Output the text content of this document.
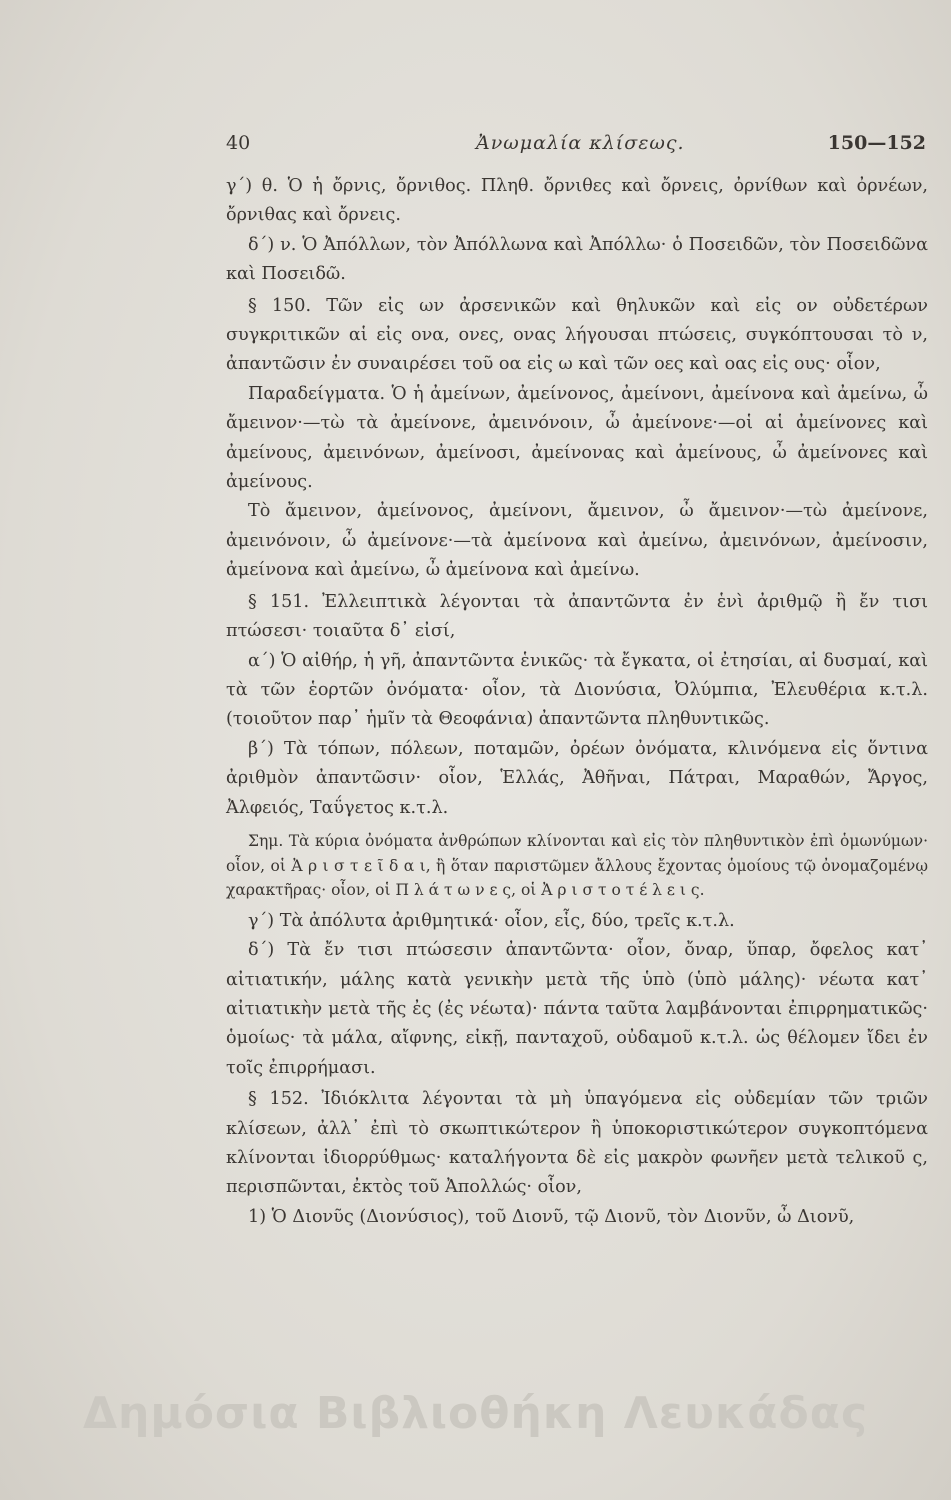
40	Ἀνωμαλία κλίσεως.	150—152

γ΄) θ. Ὁ ἡ ὄρνις, ὄρνιθος. Πληθ. ὄρνιθες καὶ ὄρνεις, ὀρνίθων καὶ ὀρνέων, ὄρνιθας καὶ ὄρνεις.

δ΄) ν. Ὁ Ἀπόλλων, τὸν Ἀπόλλωνα καὶ Ἀπόλλω· ὁ Ποσειδῶν, τὸν Ποσειδῶνα καὶ Ποσειδῶ.

§ 150. Τῶν εἰς ων ἀρσενικῶν καὶ θηλυκῶν καὶ εἰς ον οὐδετέρων συγκριτικῶν αἱ εἰς ονα, ονες, ονας λήγουσαι πτώσεις, συγκόπτουσαι τὸ ν, ἀπαντῶσιν ἐν συναιρέσει τοῦ οα εἰς ω καὶ τῶν οες καὶ οας εἰς ους· οἷον,

Παραδείγματα. Ὁ ἡ ἀμείνων, ἀμείνονος, ἀμείνονι, ἀμείνονα καὶ ἀμείνω, ὦ ἄμεινον·—τὼ τὰ ἀμείνονε, ἀμεινόνοιν, ὦ ἀμείνονε·—οἱ αἱ ἀμείνονες καὶ ἀμείνους, ἀμεινόνων, ἀμείνοσι, ἀμείνονας καὶ ἀμείνους, ὦ ἀμείνονες καὶ ἀμείνους.

Τὸ ἄμεινον, ἀμείνονος, ἀμείνονι, ἄμεινον, ὦ ἄμεινον·—τὼ ἀμείνονε, ἀμεινόνοιν, ὦ ἀμείνονε·—τὰ ἀμείνονα καὶ ἀμείνω, ἀμεινόνων, ἀμείνοσιν, ἀμείνονα καὶ ἀμείνω, ὦ ἀμείνονα καὶ ἀμείνω.

§ 151. Ἐλλειπτικὰ λέγονται τὰ ἀπαντῶντα ἐν ἑνὶ ἀριθμῷ ἢ ἔν τισι πτώσεσι· τοιαῦτα δ᾽ εἰσί,

α΄) Ὁ αἰθήρ, ἡ γῆ, ἀπαντῶντα ἑνικῶς· τὰ ἔγκατα, οἱ ἐτησίαι, αἱ δυσμαί, καὶ τὰ τῶν ἑορτῶν ὀνόματα· οἷον, τὰ Διονύσια, Ὀλύμπια, Ἐλευθέρια κ.τ.λ. (τοιοῦτον παρ᾽ ἡμῖν τὰ Θεοφάνια) ἀπαντῶντα πληθυντικῶς.

β΄) Τὰ τόπων, πόλεων, ποταμῶν, ὀρέων ὀνόματα, κλινόμενα εἰς ὅντινα ἀριθμὸν ἀπαντῶσιν· οἷον, Ἑλλάς, Ἀθῆναι, Πάτραι, Μαραθών, Ἄργος, Ἀλφειός, Ταΰγετος κ.τ.λ.

Σημ. Τὰ κύρια ὀνόματα ἀνθρώπων κλίνονται καὶ εἰς τὸν πληθυντικὸν ἐπὶ ὁμωνύμων· οἷον, οἱ Ἀ ρ ι σ τ ε ῖ δ α ι, ἢ ὅταν παριστῶμεν ἄλλους ἔχοντας ὁμοίους τῷ ὀνομαζομένῳ χαρακτῆρας· οἷον, οἱ Π λ ά τ ω ν ε ς, οἱ Ἀ ρ ι σ τ ο τ έ λ ε ι ς.

γ΄) Τὰ ἀπόλυτα ἀριθμητικά· οἷον, εἷς, δύο, τρεῖς κ.τ.λ.

δ΄) Τὰ ἔν τισι πτώσεσιν ἀπαντῶντα· οἷον, ὄναρ, ὕπαρ, ὄφελος κατ᾽ αἰτιατικήν, μάλης κατὰ γενικὴν μετὰ τῆς ὑπὸ (ὑπὸ μάλης)· νέωτα κατ᾽ αἰτιατικὴν μετὰ τῆς ἐς (ἐς νέωτα)· πάντα ταῦτα λαμβάνονται ἐπιρρηματικῶς· ὁμοίως· τὰ μάλα, αἴφνης, εἰκῇ, πανταχοῦ, οὐδαμοῦ κ.τ.λ. ὡς θέλομεν ἴδει ἐν τοῖς ἐπιρρήμασι.

§ 152. Ἰδιόκλιτα λέγονται τὰ μὴ ὑπαγόμενα εἰς οὐδεμίαν τῶν τριῶν κλίσεων, ἀλλ᾽ ἐπὶ τὸ σκωπτικώτερον ἢ ὑποκοριστικώτερον συγκοπτόμενα κλίνονται ἰδιορρύθμως· καταλήγοντα δὲ εἰς μακρὸν φωνῆεν μετὰ τελικοῦ ς, περισπῶνται, ἐκτὸς τοῦ Ἀπολλώς· οἷον,

1) Ὁ Διονῦς (Διονύσιος), τοῦ Διονῦ, τῷ Διονῦ, τὸν Διονῦν, ὦ Διονῦ,

Δημόσια Βιβλιοθήκη Λευκάδας
